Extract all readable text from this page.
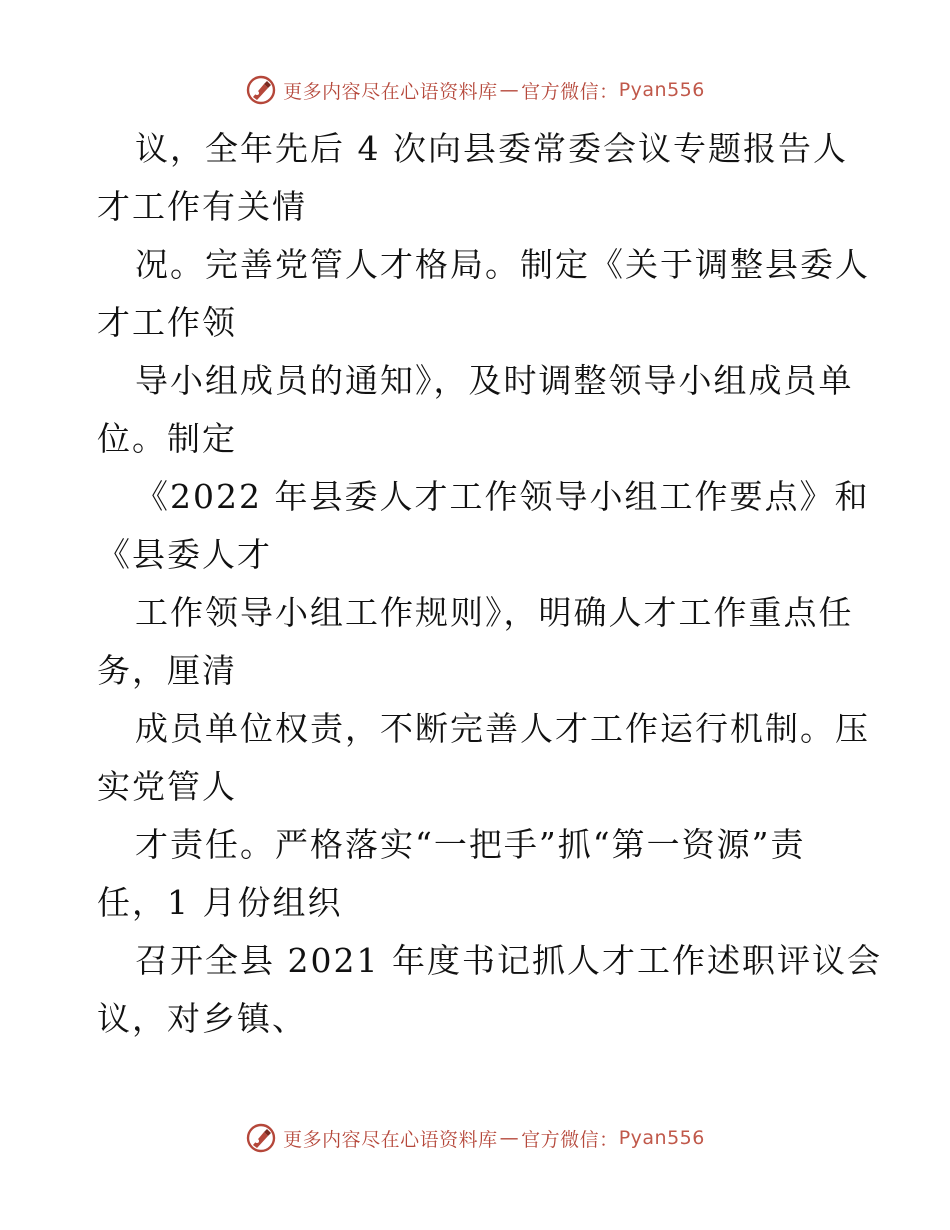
更多内容尽在心语资料库 — 官方微信： Pyan556
议，全年先后 4 次向县委常委会议专题报告人
才工作有关情
况。完善党管人才格局。制定《关于调整县委人
才工作领
导小组成员的通知》，及时调整领导小组成员单
位。制定
《2022 年县委人才工作领导小组工作要点》和
《县委人才
工作领导小组工作规则》，明确人才工作重点任
务，厘清
成员单位权责，不断完善人才工作运行机制。压
实党管人
才责任。严格落实“一把手”抓“第一资源”责
任，1 月份组织
召开全县 2021 年度书记抓人才工作述职评议会
议，对乡镇、
更多内容尽在心语资料库 — 官方微信： Pyan556
